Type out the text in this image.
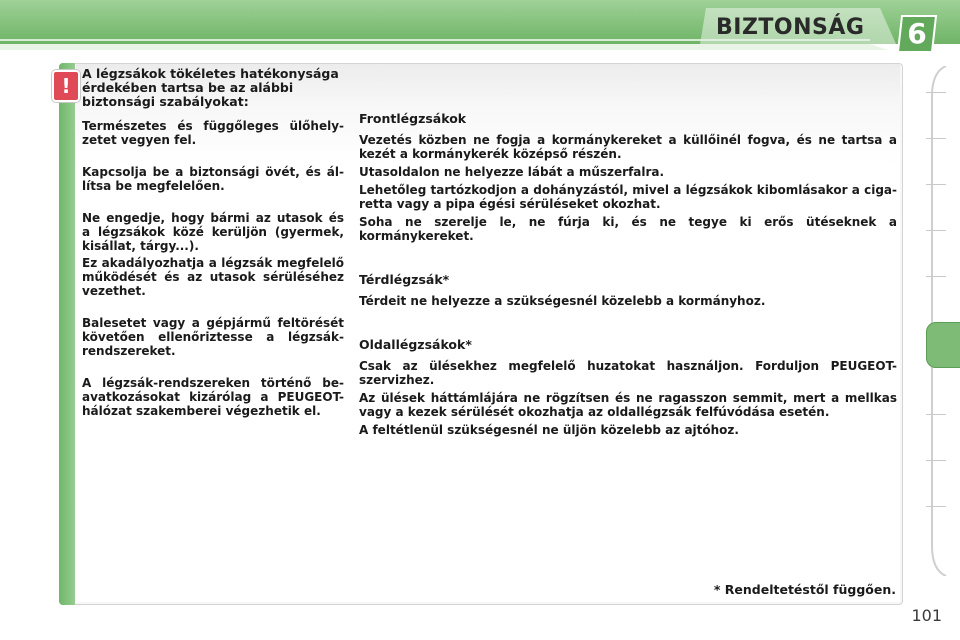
BIZTONSÁG	6
!
A légzsákok tökéletes hatékonysága érdekében tartsa be az alábbi biztonsági szabályokat:

Természetes és függőleges ülőhelyzetet vegyen fel.

Kapcsolja be a biztonsági övét, és állítsa be megfelelően.

Ne engedje, hogy bármi az utasok és a légzsákok közé kerüljön (gyermek, kisállat, tárgy...).

Ez akadályozhatja a légzsák megfelelő működését és az utasok sérüléséhez vezethet.

Balesetet vagy a gépjármű feltörését követően ellenőriztesse a légzsákrendszereket.

A légzsák-rendszereken történő beavatkozásokat kizárólag a PEUGEOT-hálózat szakemberei végezhetik el.

Frontlégzsákok

Vezetés közben ne fogja a kormánykereket a küllőinél fogva, és ne tartsa a kezét a kormánykerék középső részén.

Utasoldalon ne helyezze lábát a műszerfalra.

Lehetőleg tartózkodjon a dohányzástól, mivel a légzsákok kibomlásakor a cigaretta vagy a pipa égési sérüléseket okozhat.

Soha ne szerelje le, ne fúrja ki, és ne tegye ki erős ütéseknek a kormánykereket.

Térdlégzsák*

Térdeit ne helyezze a szükségesnél közelebb a kormányhoz.

Oldallégzsákok*

Csak az ülésekhez megfelelő huzatokat használjon. Forduljon PEUGEOT-szervizhez.

Az ülések háttámlájára ne rögzítsen és ne ragasszon semmit, mert a mellkas vagy a kezek sérülését okozhatja az oldallégzsák felfúvódása esetén.

A feltétlenül szükségesnél ne üljön közelebb az ajtóhoz.

* Rendeltetéstől függően.
101
